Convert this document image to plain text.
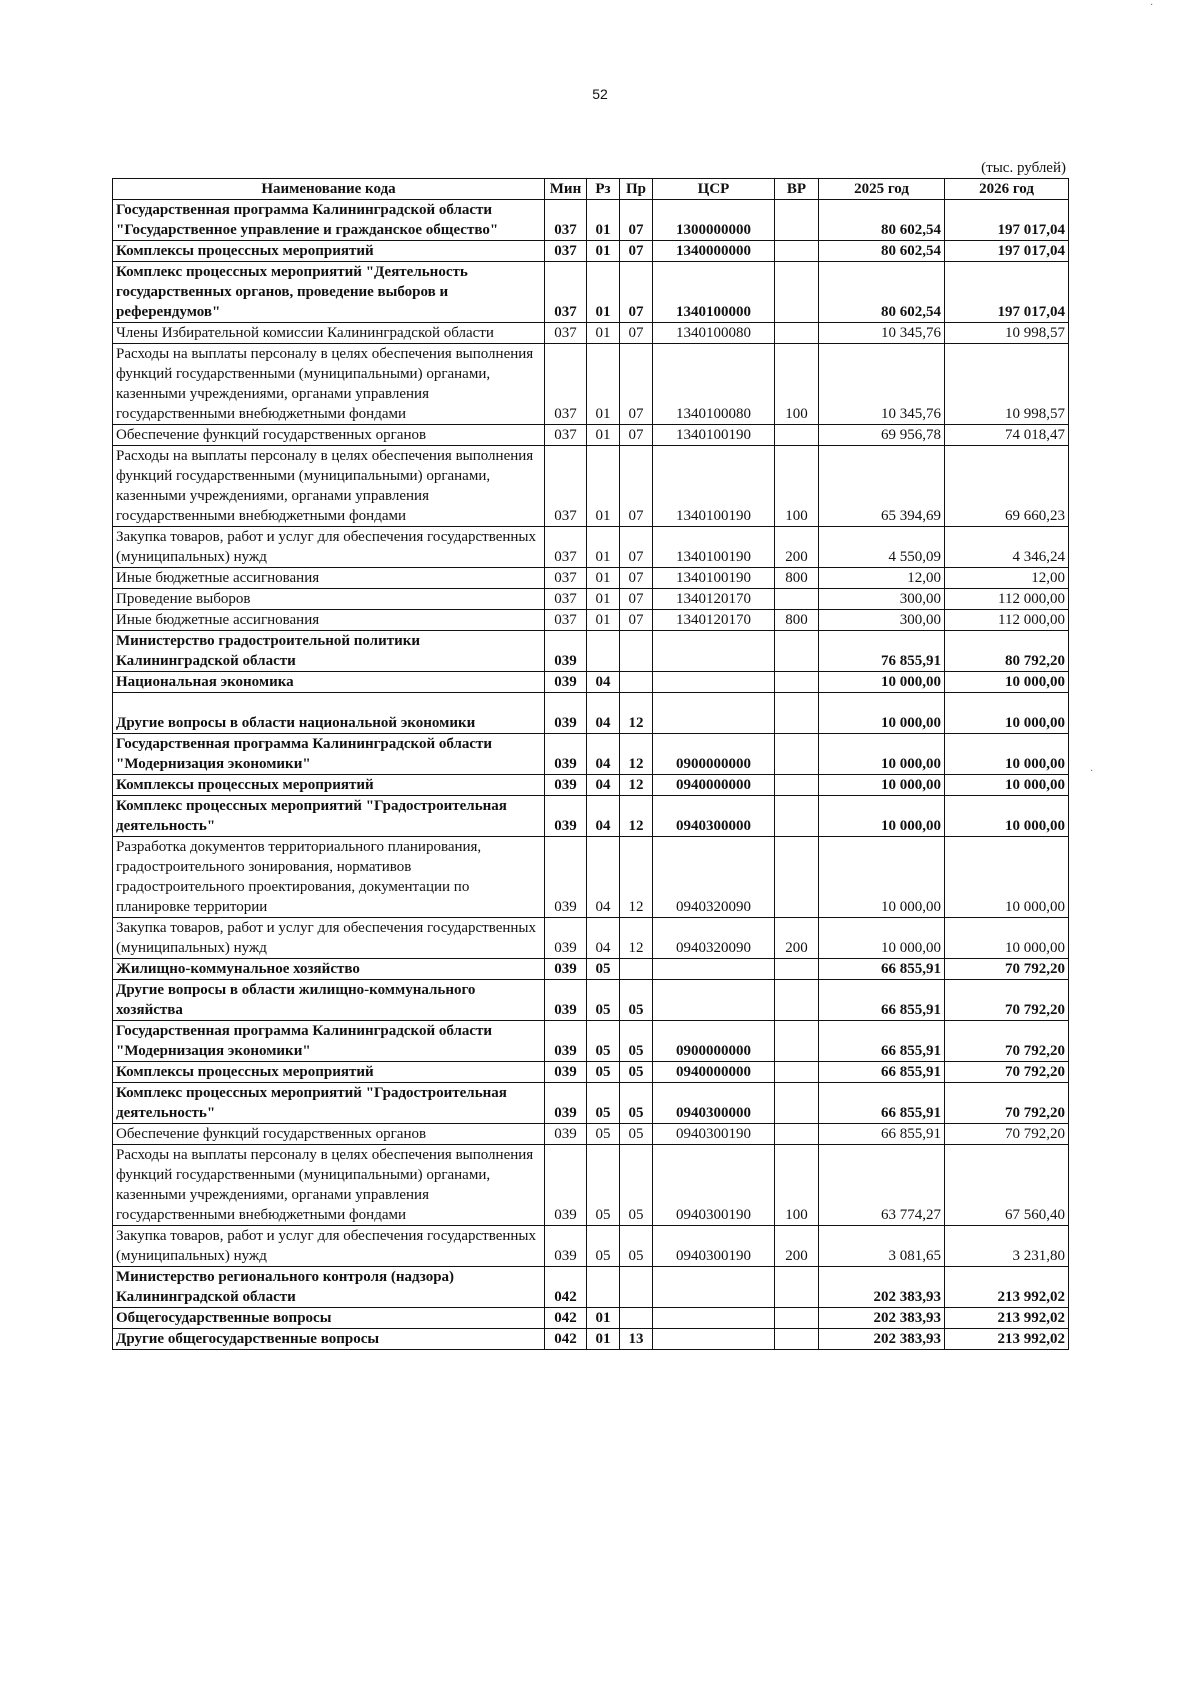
52
(тыс. рублей)
Наименование кода	Мин	Рз	Пр	ЦСР	ВР	2025 год	2026 год
Государственная программа Калининградской области "Государственное управление и гражданское общество"	037	01	07	1300000000		80 602,54	197 017,04
Комплексы процессных мероприятий	037	01	07	1340000000		80 602,54	197 017,04
Комплекс процессных мероприятий "Деятельность государственных органов, проведение выборов и референдумов"	037	01	07	1340100000		80 602,54	197 017,04
Члены Избирательной комиссии Калининградской области	037	01	07	1340100080		10 345,76	10 998,57
Расходы на выплаты персоналу в целях обеспечения выполнения функций государственными (муниципальными) органами, казенными учреждениями, органами управления государственными внебюджетными фондами	037	01	07	1340100080	100	10 345,76	10 998,57
Обеспечение функций государственных органов	037	01	07	1340100190		69 956,78	74 018,47
Расходы на выплаты персоналу в целях обеспечения выполнения функций государственными (муниципальными) органами, казенными учреждениями, органами управления государственными внебюджетными фондами	037	01	07	1340100190	100	65 394,69	69 660,23
Закупка товаров, работ и услуг для обеспечения государственных (муниципальных) нужд	037	01	07	1340100190	200	4 550,09	4 346,24
Иные бюджетные ассигнования	037	01	07	1340100190	800	12,00	12,00
Проведение выборов	037	01	07	1340120170		300,00	112 000,00
Иные бюджетные ассигнования	037	01	07	1340120170	800	300,00	112 000,00
Министерство градостроительной политики Калининградской области	039					76 855,91	80 792,20
Национальная экономика	039	04				10 000,00	10 000,00
Другие вопросы в области национальной экономики	039	04	12			10 000,00	10 000,00
Государственная программа Калининградской области "Модернизация экономики"	039	04	12	0900000000		10 000,00	10 000,00
Комплексы процессных мероприятий	039	04	12	0940000000		10 000,00	10 000,00
Комплекс процессных мероприятий "Градостроительная деятельность"	039	04	12	0940300000		10 000,00	10 000,00
Разработка документов территориального планирования, градостроительного зонирования, нормативов градостроительного проектирования, документации по планировке территории	039	04	12	0940320090		10 000,00	10 000,00
Закупка товаров, работ и услуг для обеспечения государственных (муниципальных) нужд	039	04	12	0940320090	200	10 000,00	10 000,00
Жилищно-коммунальное хозяйство	039	05				66 855,91	70 792,20
Другие вопросы в области жилищно-коммунального хозяйства	039	05	05			66 855,91	70 792,20
Государственная программа Калининградской области "Модернизация экономики"	039	05	05	0900000000		66 855,91	70 792,20
Комплексы процессных мероприятий	039	05	05	0940000000		66 855,91	70 792,20
Комплекс процессных мероприятий "Градостроительная деятельность"	039	05	05	0940300000		66 855,91	70 792,20
Обеспечение функций государственных органов	039	05	05	0940300190		66 855,91	70 792,20
Расходы на выплаты персоналу в целях обеспечения выполнения функций государственными (муниципальными) органами, казенными учреждениями, органами управления государственными внебюджетными фондами	039	05	05	0940300190	100	63 774,27	67 560,40
Закупка товаров, работ и услуг для обеспечения государственных (муниципальных) нужд	039	05	05	0940300190	200	3 081,65	3 231,80
Министерство регионального контроля (надзора) Калининградской области	042					202 383,93	213 992,02
Общегосударственные вопросы	042	01				202 383,93	213 992,02
Другие общегосударственные вопросы	042	01	13			202 383,93	213 992,02
·
·
